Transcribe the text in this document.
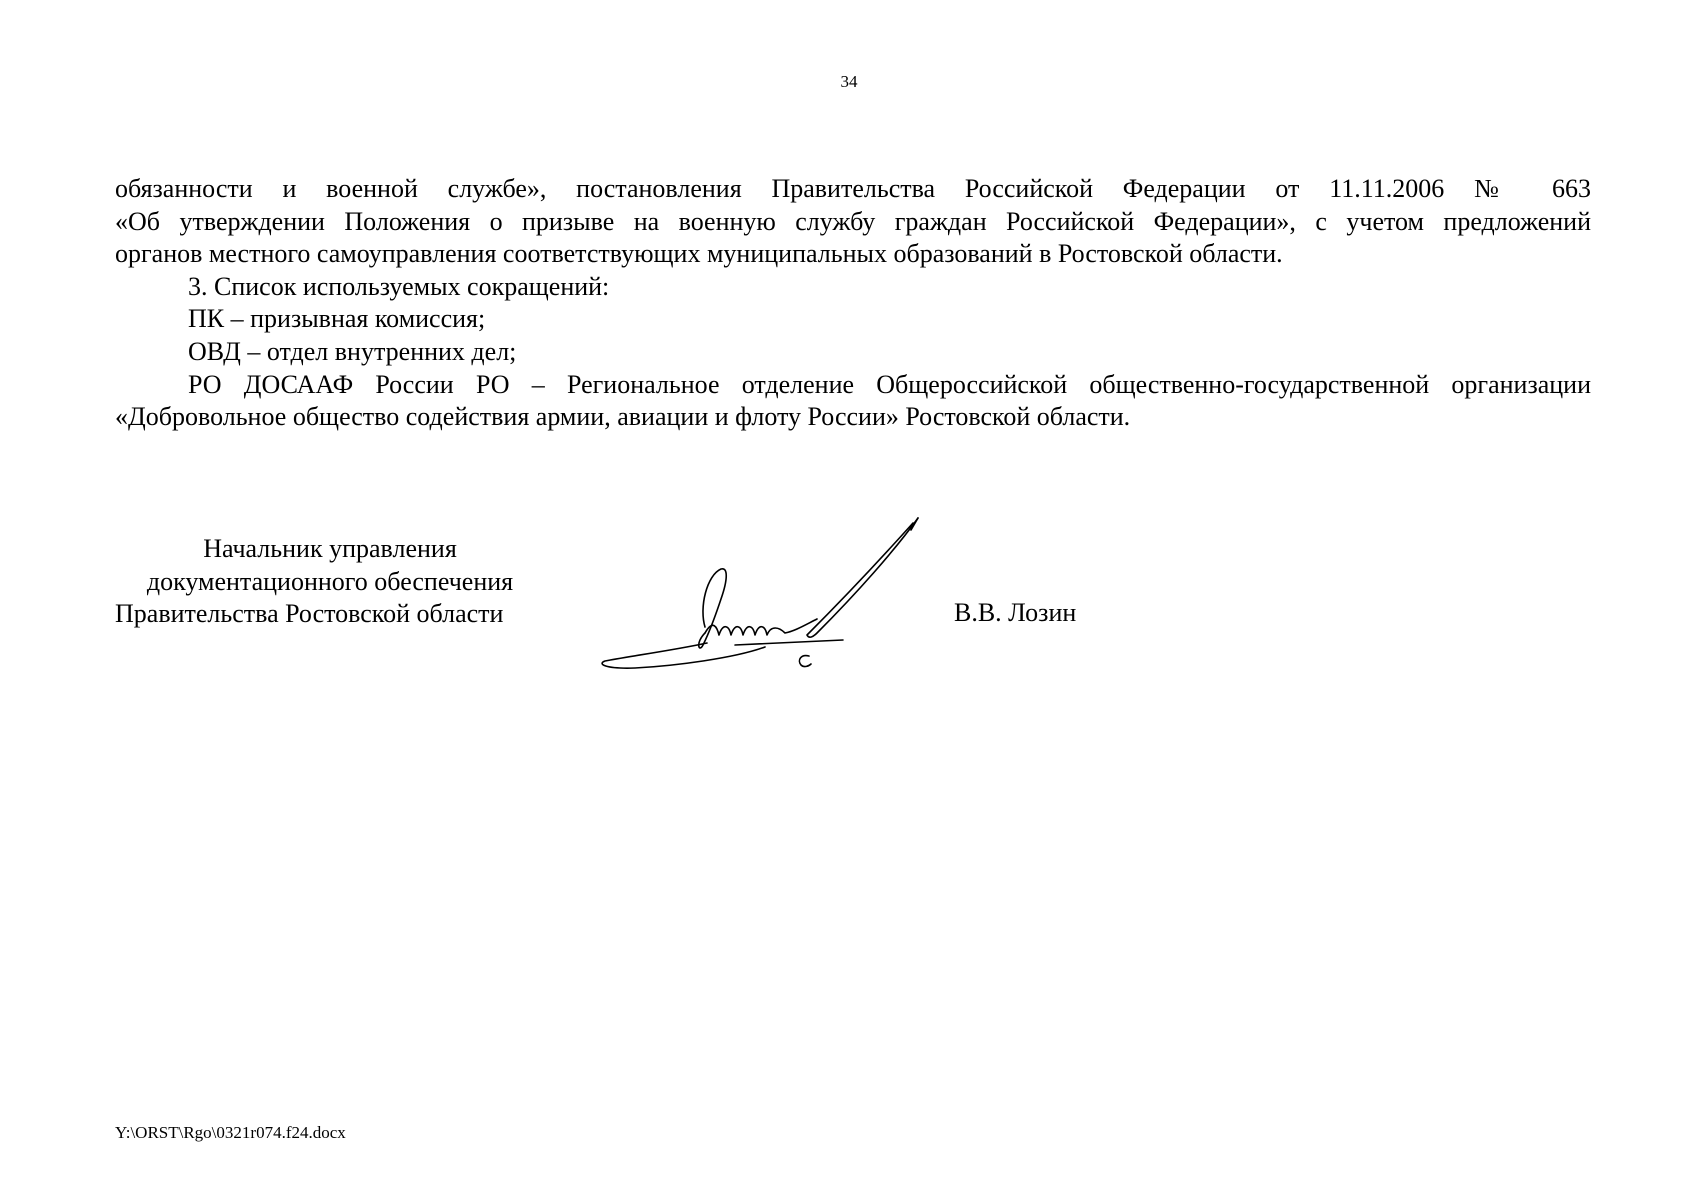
34

обязанности и военной службе», постановления Правительства Российской Федерации от 11.11.2006 № 663

«Об утверждении Положения о призыве на военную службу граждан Российской Федерации», с учетом предложений

органов местного самоуправления соответствующих муниципальных образований в Ростовской области.

3. Список используемых сокращений:

ПК – призывная комиссия;

ОВД – отдел внутренних дел;

РО ДОСААФ России РО – Региональное отделение Общероссийской общественно-государственной организации

«Добровольное общество содействия армии, авиации и флоту России» Ростовской области.

Начальник управления
документационного обеспечения
Правительства Ростовской области	В.В. Лозин
Y:\ORST\Rgo\0321r074.f24.docx
